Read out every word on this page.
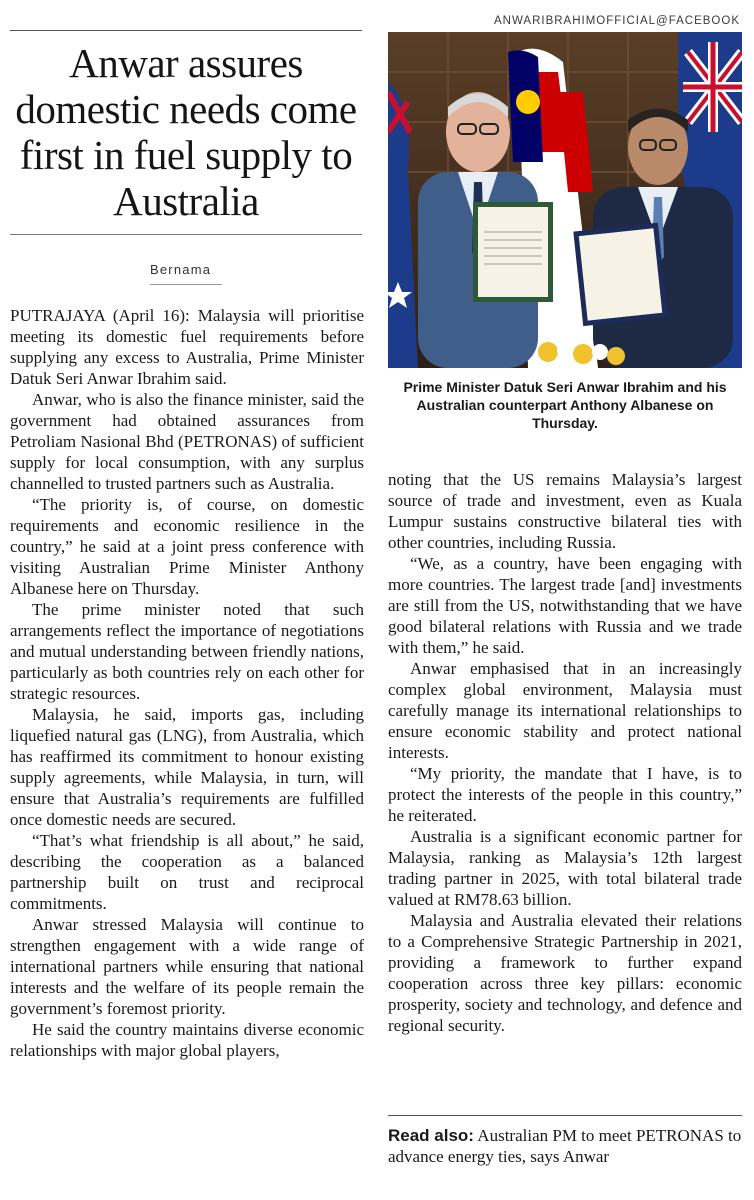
ANWARIBRAHIMOFFICIAL@FACEBOOK
Anwar assures domestic needs come first in fuel supply to Australia
Bernama

PUTRAJAYA (April 16): Malaysia will prioritise meeting its domestic fuel requirements before supplying any excess to Australia, Prime Minister Datuk Seri Anwar Ibrahim said.

Anwar, who is also the finance minister, said the government had obtained assurances from Petroliam Nasional Bhd (PETRONAS) of sufficient supply for local consumption, with any surplus channelled to trusted partners such as Australia.

“The priority is, of course, on domestic requirements and economic resilience in the country,” he said at a joint press conference with visiting Australian Prime Minister Anthony Albanese here on Thursday.

The prime minister noted that such arrangements reflect the importance of negotiations and mutual understanding between friendly nations, particularly as both countries rely on each other for strategic resources.

Malaysia, he said, imports gas, including liquefied natural gas (LNG), from Australia, which has reaffirmed its commitment to honour existing supply agreements, while Malaysia, in turn, will ensure that Australia’s requirements are fulfilled once domestic needs are secured.

“That’s what friendship is all about,” he said, describing the cooperation as a balanced partnership built on trust and reciprocal commitments.

Anwar stressed Malaysia will continue to strengthen engagement with a wide range of international partners while ensuring that national interests and the welfare of its people remain the government’s foremost priority.

He said the country maintains diverse economic relationships with major global players,

Prime Minister Datuk Seri Anwar Ibrahim and his Australian counterpart Anthony Albanese on Thursday.

noting that the US remains Malaysia’s largest source of trade and investment, even as Kuala Lumpur sustains constructive bilateral ties with other countries, including Russia.

“We, as a country, have been engaging with more countries. The largest trade [and] investments are still from the US, notwithstanding that we have good bilateral relations with Russia and we trade with them,” he said.

Anwar emphasised that in an increasingly complex global environment, Malaysia must carefully manage its international relationships to ensure economic stability and protect national interests.

“My priority, the mandate that I have, is to protect the interests of the people in this country,” he reiterated.

Australia is a significant economic partner for Malaysia, ranking as Malaysia’s 12th largest trading partner in 2025, with total bilateral trade valued at RM78.63 billion.

Malaysia and Australia elevated their relations to a Comprehensive Strategic Partnership in 2021, providing a framework to further expand cooperation across three key pillars: economic prosperity, society and technology, and defence and regional security.

Read also: Australian PM to meet PETRONAS to advance energy ties, says Anwar
